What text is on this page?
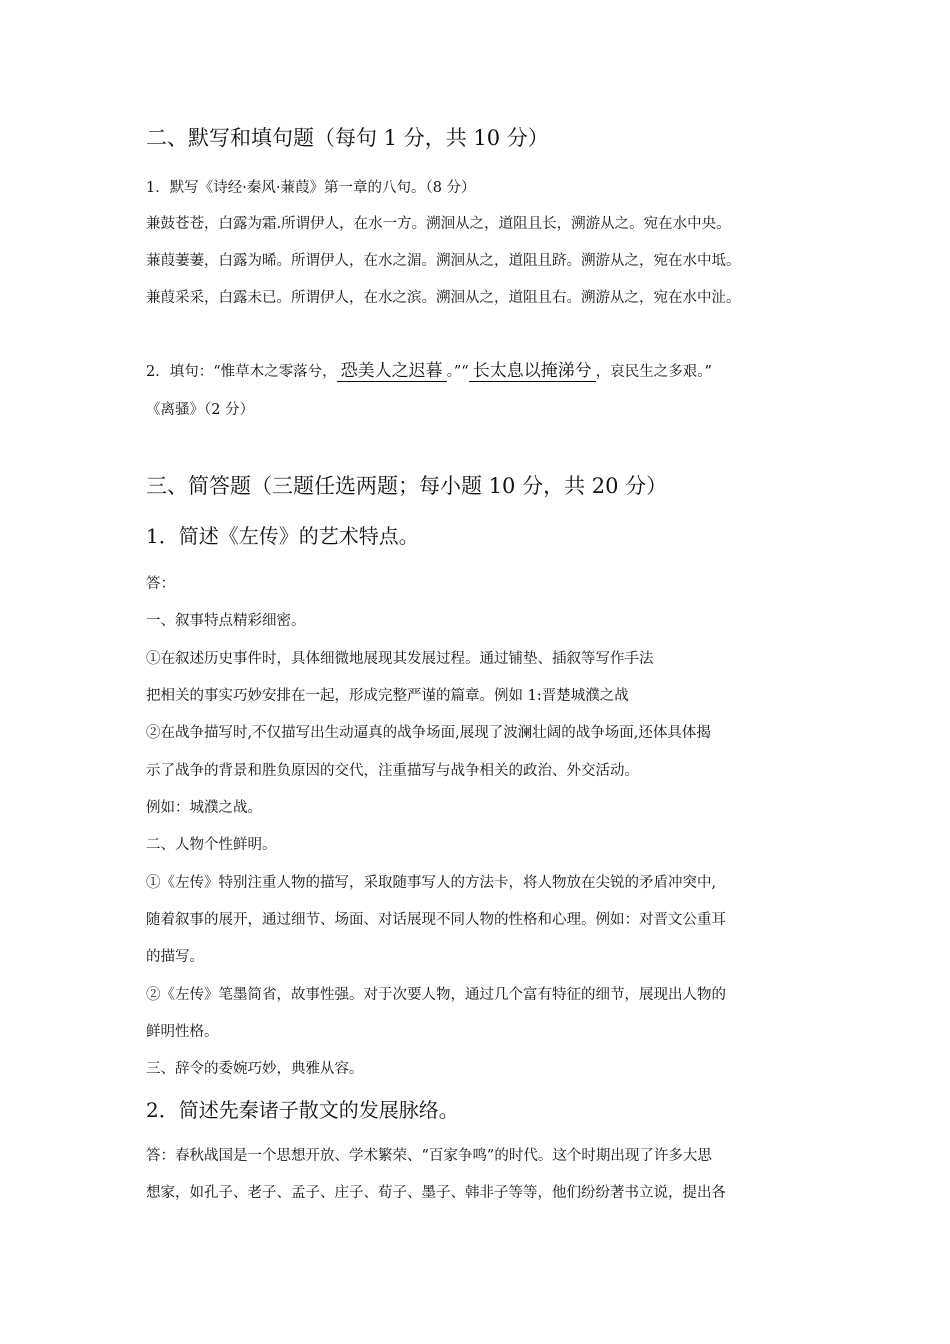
二、默写和填句题（每句 1 分，共 10 分）
1．默写《诗经·秦风·蒹葭》第一章的八句。（8 分）
兼鼓苍苍，白露为霜.所谓伊人，在水一方。溯洄从之，道阻且长，溯游从之。宛在水中央。
蒹葭萋萋，白露为晞。所谓伊人，在水之湄。溯洄从之，道阻且跻。溯游从之，宛在水中坻。
兼葭采采，白露未已。所谓伊人，在水之滨。溯洄从之，道阻且右。溯游从之，宛在水中沚。
2．填句：“惟草木之零落兮， 恐美人之迟暮 。”“ 长太息以掩涕兮 ，哀民生之多艰。”
《离骚》（2 分）
三、简答题（三题任选两题；每小题 10 分，共 20 分）
1．简述《左传》的艺术特点。
答：
一、叙事特点精彩细密。
①在叙述历史事件时，具体细微地展现其发展过程。通过铺垫、插叙等写作手法
把相关的事实巧妙安排在一起，形成完整严谨的篇章。例如 1:晋楚城濮之战
②在战争描写时,不仅描写出生动逼真的战争场面,展现了波澜壮阔的战争场面,还体具体揭
示了战争的背景和胜负原因的交代，注重描写与战争相关的政治、外交活动。
例如：城濮之战。
二、人物个性鲜明。
①《左传》特别注重人物的描写，采取随事写人的方法卡，将人物放在尖锐的矛盾冲突中,
随着叙事的展开，通过细节、场面、对话展现不同人物的性格和心理。例如：对晋文公重耳
的描写。
②《左传》笔墨简省，故事性强。对于次要人物，通过几个富有特征的细节，展现出人物的
鲜明性格。
三、辞令的委婉巧妙，典雅从容。
2．简述先秦诸子散文的发展脉络。
答：春秋战国是一个思想开放、学术繁荣、“百家争鸣”的时代。这个时期出现了许多大思
想家，如孔子、老子、孟子、庄子、荀子、墨子、韩非子等等，他们纷纷著书立说，提出各
